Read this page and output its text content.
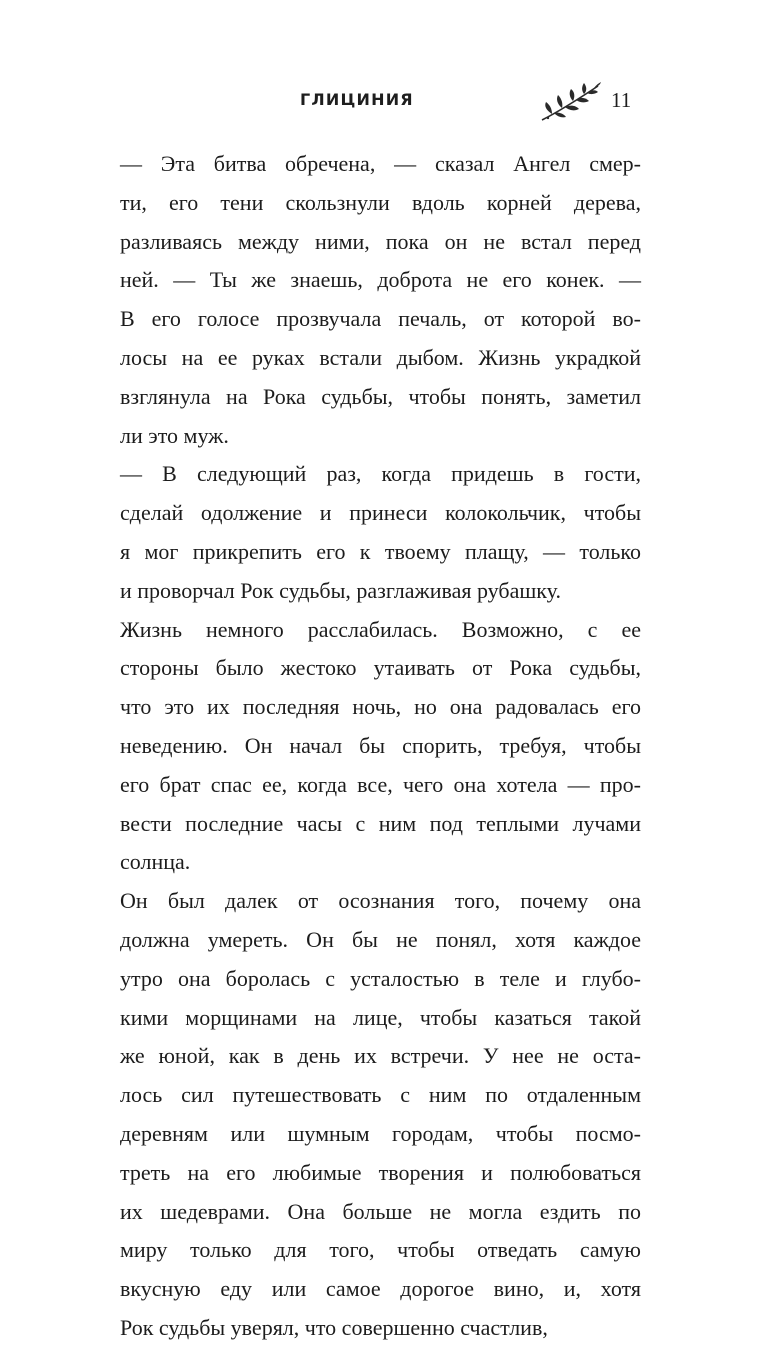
ГЛИЦИНИЯ	11

— Эта битва обречена, — сказал Ангел смер-
ти, его тени скользнули вдоль корней дерева,
разливаясь между ними, пока он не встал перед
ней. — Ты же знаешь, доброта не его конек. —
В его голосе прозвучала печаль, от которой во-
лосы на ее руках встали дыбом. Жизнь украдкой
взглянула на Рока судьбы, чтобы понять, заметил
ли это муж.

— В следующий раз, когда придешь в гости,
сделай одолжение и принеси колокольчик, чтобы
я мог прикрепить его к твоему плащу, — только
и проворчал Рок судьбы, разглаживая рубашку.

Жизнь немного расслабилась. Возможно, с ее
стороны было жестоко утаивать от Рока судьбы,
что это их последняя ночь, но она радовалась его
неведению. Он начал бы спорить, требуя, чтобы
его брат спас ее, когда все, чего она хотела — про-
вести последние часы с ним под теплыми лучами
солнца.

Он был далек от осознания того, почему она
должна умереть. Он бы не понял, хотя каждое
утро она боролась с усталостью в теле и глубо-
кими морщинами на лице, чтобы казаться такой
же юной, как в день их встречи. У нее не оста-
лось сил путешествовать с ним по отдаленным
деревням или шумным городам, чтобы посмо-
треть на его любимые творения и полюбоваться
их шедеврами. Она больше не могла ездить по
миру только для того, чтобы отведать самую
вкусную еду или самое дорогое вино, и, хотя
Рок судьбы уверял, что совершенно счастлив,
